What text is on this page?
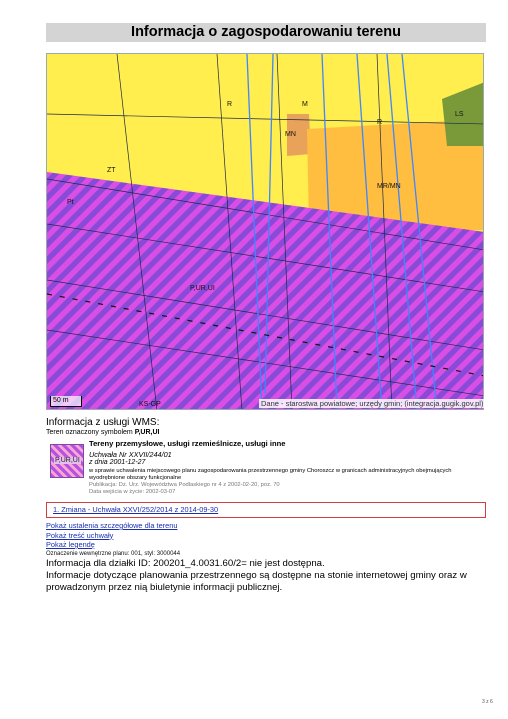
Informacja o zagospodarowaniu terenu
MN
LS
MR/MN
P,UR,UI
KS-GP
ZT
R
R	M
Pt
50 m	Dane - starostwa powiatowe; urzędy gmin; (integracja.gugik.gov.pl)
Informacja z usługi WMS:
Teren oznaczony symbolem P,UR,UI
P,UR,UI
Tereny przemysłowe, usługi rzemieślnicze, usługi inne
Uchwała Nr XXVII/244/01
z dnia 2001-12-27
w sprawie uchwalenia miejscowego planu zagospodarowania przestrzennego gminy Choroszcz w granicach administracyjnych obejmujących wyodrębnione obszary funkcjonalne
Publikacja: Dz. Urz. Województwa Podlaskiego nr 4 z 2002-02-20, poz. 70
Data wejścia w życie: 2002-03-07
1. Zmiana - Uchwała XXVI/252/2014 z 2014-09-30
Pokaż ustalenia szczegółowe dla terenu
Pokaż treść uchwały
Pokaż legendę
Oznaczenie wewnętrzne planu: 001, styl: 3000044
Informacja dla działki ID: 200201_4.0031.60/2= nie jest dostępna.
Informacje dotyczące planowania przestrzennego są dostępne na stonie internetowej gminy oraz w prowadzonym przez nią biuletynie informacji publicznej.
3 z 6
